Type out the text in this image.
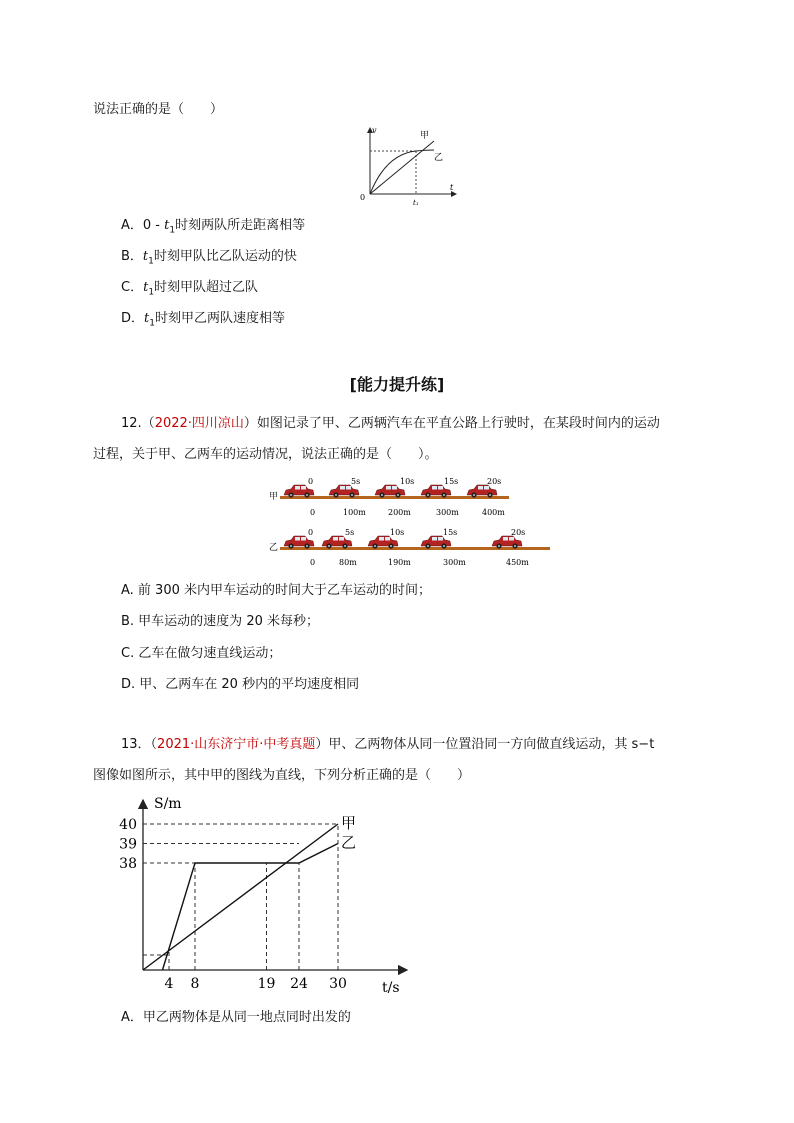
说法正确的是（　　）
v
t
0
t₁
甲
乙
A．$0 - t_1$时刻两队所走距离相等
B．$t_1$时刻甲队比乙队运动的快
C．$t_1$时刻甲队超过乙队
D．$t_1$时刻甲乙两队速度相等
[能力提升练]
12.（2022·四川凉山）如图记录了甲、乙两辆汽车在平直公路上行驶时，在某段时间内的运动
过程，关于甲、乙两车的运动情况，说法正确的是（　　）。
甲
0	5s	10s	15s	20s
0	100m	200m	300m	400m
乙
0	5s	10s	15s	20s
0	80m	190m	300m	450m
A. 前 300 米内甲车运动的时间大于乙车运动的时间；
B. 甲车运动的速度为 20 米每秒；
C. 乙车在做匀速直线运动；
D. 甲、乙两车在 20 秒内的平均速度相同
13．（2021·山东济宁市·中考真题）甲、乙两物体从同一位置沿同一方向做直线运动，其 s−t
图像如图所示，其中甲的图线为直线，下列分析正确的是（　　）
甲
乙
38
39
40
4 8	19 24 30
S/m
t/s
A．甲乙两物体是从同一地点同时出发的
